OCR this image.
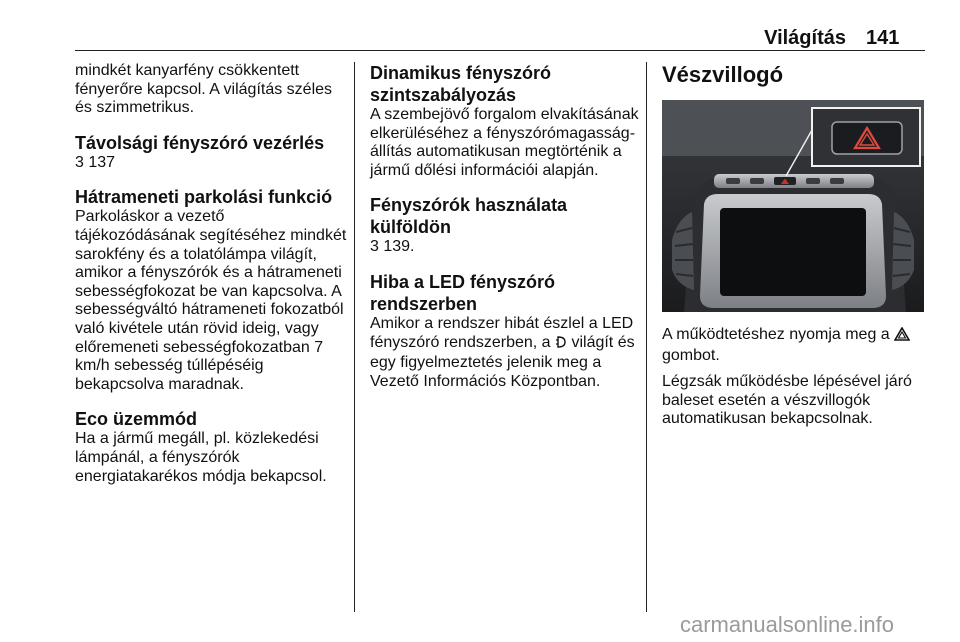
Világítás 141

mindkét kanyarfény csökkentett fényerőre kapcsol. A világítás széles és szimmetrikus.

Távolsági fényszóró vezérlés

3 137

Hátrameneti parkolási funkció

Parkoláskor a vezető tájékozódásának segítéséhez mindkét sarokfény és a tolatólámpa világít, amikor a fényszórók és a hátrameneti sebességfokozat be van kapcsolva. A sebességváltó hátrameneti fokozatból való kivétele után rövid ideig, vagy előremeneti sebességfokozatban 7 km/h sebesség túllépéséig bekapcsolva maradnak.

Eco üzemmód

Ha a jármű megáll, pl. közlekedési lámpánál, a fényszórók energiatakarékos módja bekapcsol.

Dinamikus fényszóró szintszabályozás

A szembejövő forgalom elvakításának elkerüléséhez a fényszórómagasság-állítás automatikusan megtörténik a jármű dőlési információi alapján.

Fényszórók használata külföldön

3 139.

Hiba a LED fényszóró rendszerben

Amikor a rendszer hibát észlel a LED fényszóró rendszerben, a világít és egy figyelmeztetés jelenik meg a Vezető Információs Központban.

Vészvillogó

A működtetéshez nyomja meg a  gombot.

Légzsák működésbe lépésével járó baleset esetén a vészvillogók automatikusan bekapcsolnak.

carmanualsonline.info
